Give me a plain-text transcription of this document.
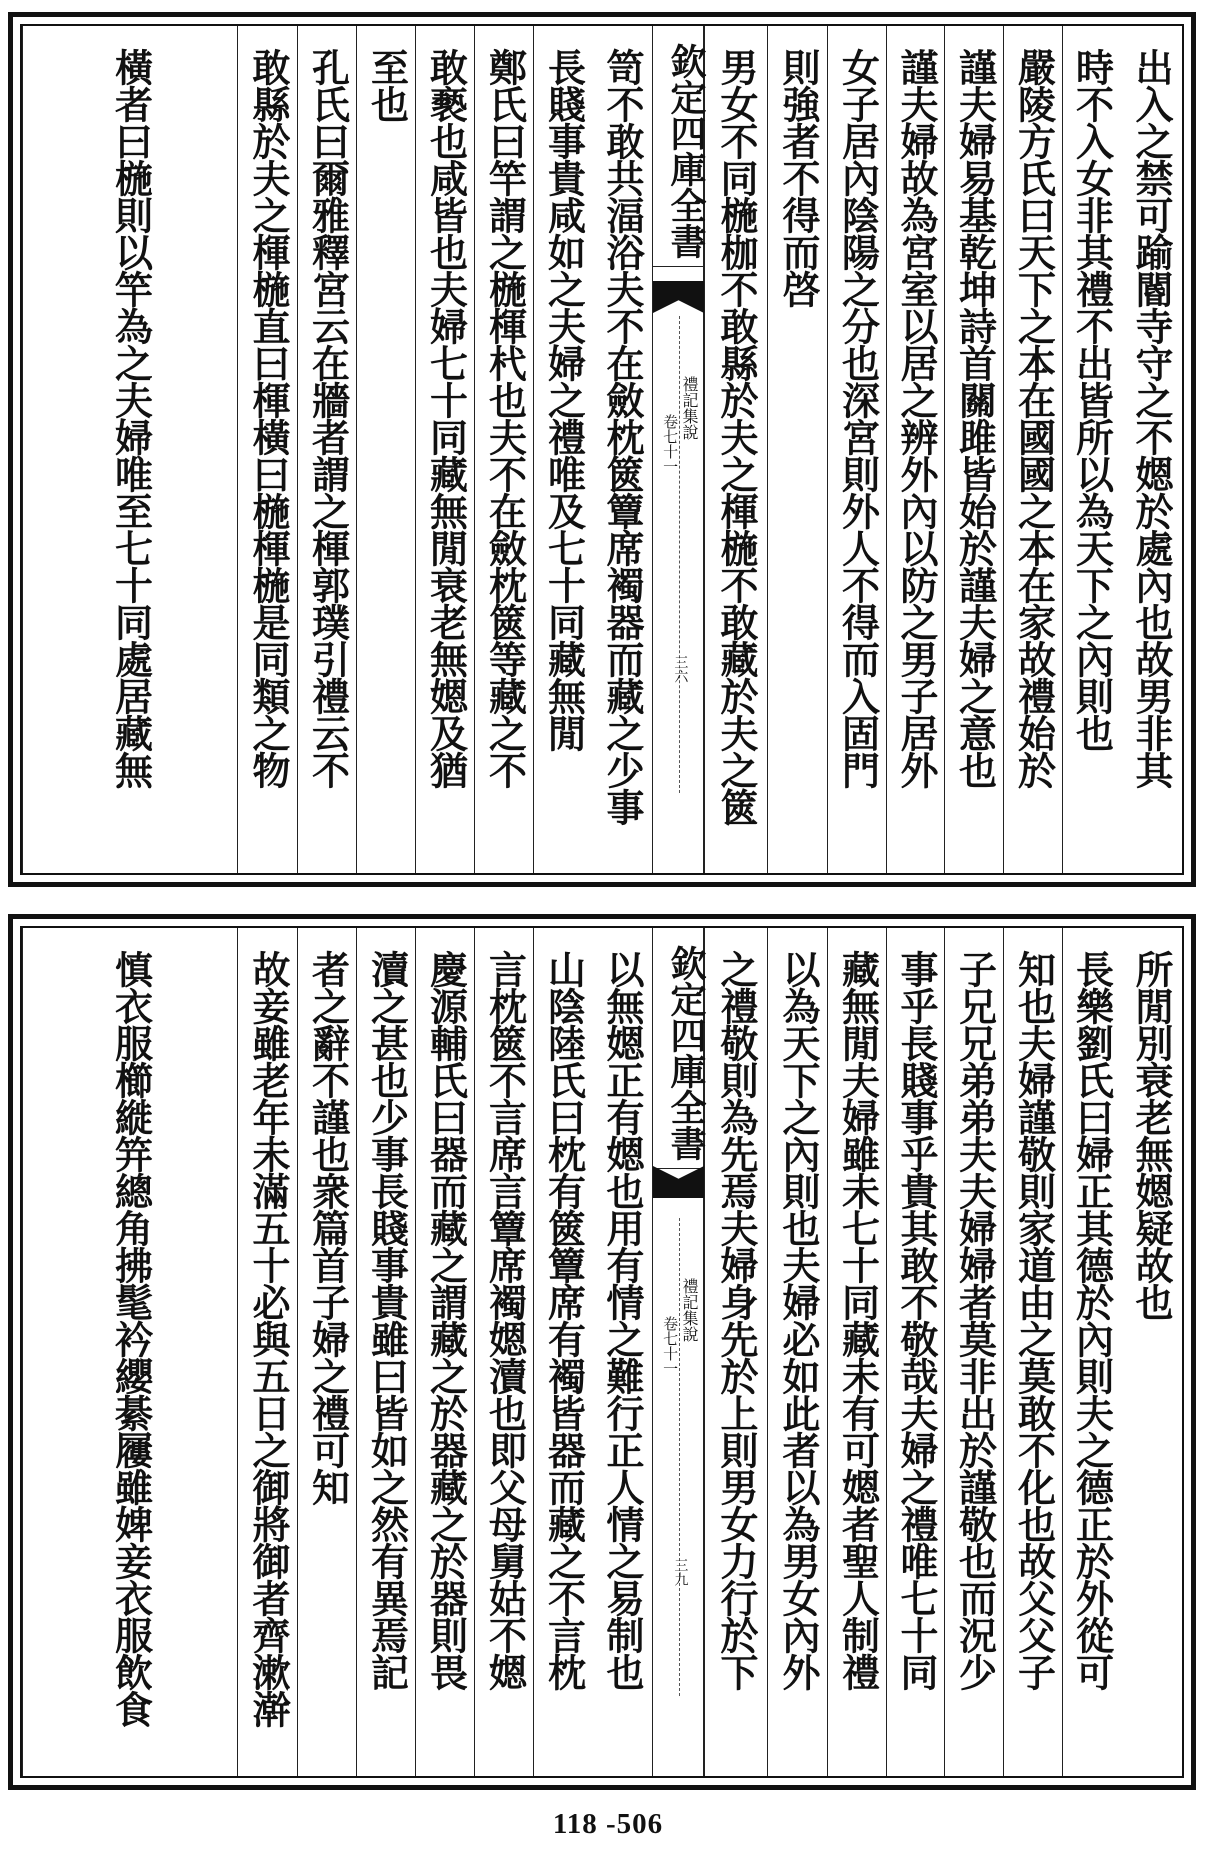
出入之禁可踰閽寺守之不𡟯於處內也故男非其
時不入女非其禮不出皆所以為天下之內則也
嚴陵方氏曰天下之本在國國之本在家故禮始於
謹夫婦易基乾坤詩首關雎皆始於謹夫婦之意也
謹夫婦故為宮室以居之辨外內以防之男子居外
女子居內陰陽之分也深宮則外人不得而入固門
則強者不得而啓
男女不同椸枷不敢縣於夫之楎椸不敢藏於夫之篋
欽定四庫全書
禮記集說
卷七十一
三六
笥不敢共湢浴夫不在斂枕篋簟席襡器而藏之少事
長賤事貴咸如之夫婦之禮唯及七十同藏無閒
鄭氏曰竿謂之椸楎杙也夫不在斂枕篋等藏之不
敢褻也咸皆也夫婦七十同藏無閒衰老無𡟯及猶
至也
孔氏曰爾雅釋宮云在牆者謂之楎郭璞引禮云不
敢縣於夫之楎椸直曰楎橫曰椸楎椸是同類之物
橫者曰椸則以竿為之夫婦唯至七十同處居藏無
所閒別衰老無𡟯疑故也
長樂劉氏曰婦正其德於內則夫之德正於外從可
知也夫婦謹敬則家道由之莫敢不化也故父父子
子兄兄弟弟夫夫婦婦者莫非出於謹敬也而況少
事乎長賤事乎貴其敢不敬哉夫婦之禮唯七十同
藏無閒夫婦雖未七十同藏未有可𡟯者聖人制禮
以為天下之內則也夫婦必如此者以為男女內外
之禮敬則為先焉夫婦身先於上則男女力行於下
欽定四庫全書
禮記集說
卷七十一
三九
以無𡟯正有𡟯也用有情之難行正人情之易制也
山陰陸氏曰枕有篋簟席有襡皆器而藏之不言枕
言枕篋不言席言簟席襡𡟯瀆也即父母舅姑不𡟯
慶源輔氏曰器而藏之謂藏之於器藏之於器則畏
瀆之甚也少事長賤事貴雖曰皆如之然有異焉記
者之辭不謹也衆篇首子婦之禮可知
故妾雖老年未滿五十必與五日之御將御者齊漱澣
慎衣服櫛縰笄總角拂髦衿纓綦屨雖婢妾衣服飲食
118 -506
